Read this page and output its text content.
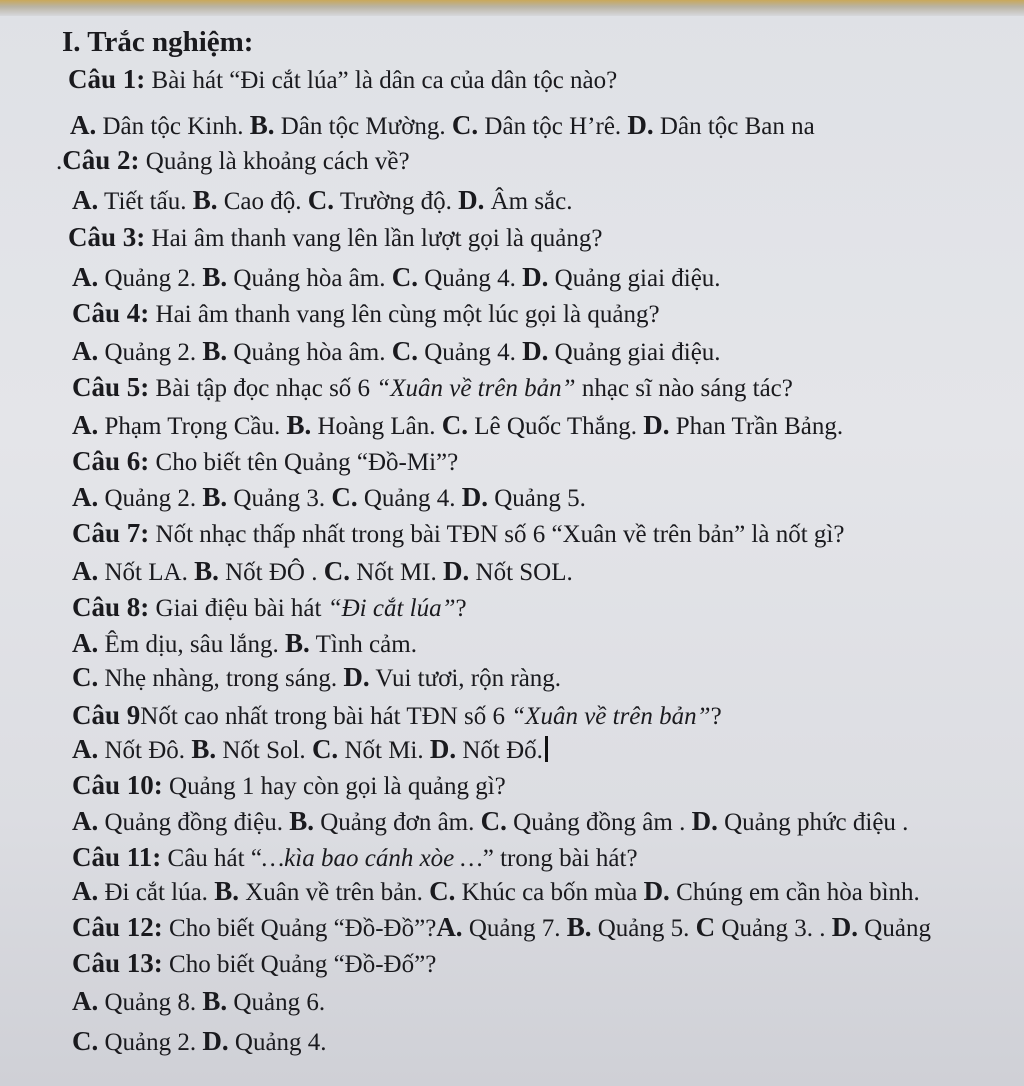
I. Trắc nghiệm:
Câu 1: Bài hát “Đi cắt lúa” là dân ca của dân tộc nào?
A. Dân tộc Kinh. B. Dân tộc Mường. C. Dân tộc H’rê. D. Dân tộc Ban na
.Câu 2: Quảng là khoảng cách về?
A. Tiết tấu. B. Cao độ. C. Trường độ. D. Âm sắc.
Câu 3: Hai âm thanh vang lên lần lượt gọi là quảng?
A. Quảng 2. B. Quảng hòa âm. C. Quảng 4. D. Quảng giai điệu.
Câu 4: Hai âm thanh vang lên cùng một lúc gọi là quảng?
A. Quảng 2. B. Quảng hòa âm. C. Quảng 4. D. Quảng giai điệu.
Câu 5: Bài tập đọc nhạc số 6 “Xuân về trên bản” nhạc sĩ nào sáng tác?
A. Phạm Trọng Cầu. B. Hoàng Lân. C. Lê Quốc Thắng. D. Phan Trần Bảng.
Câu 6: Cho biết tên Quảng “Đồ-Mi”?
A. Quảng 2. B. Quảng 3. C. Quảng 4. D. Quảng 5.
Câu 7: Nốt nhạc thấp nhất trong bài TĐN số 6 “Xuân về trên bản” là nốt gì?
A. Nốt LA. B. Nốt ĐÔ . C. Nốt MI. D. Nốt SOL.
Câu 8: Giai điệu bài hát “Đi cắt lúa”?
A. Êm dịu, sâu lắng. B. Tình cảm.
C. Nhẹ nhàng, trong sáng. D. Vui tươi, rộn ràng.
Câu 9Nốt cao nhất trong bài hát TĐN số 6 “Xuân về trên bản”?
A. Nốt Đô. B. Nốt Sol. C. Nốt Mi. D. Nốt Đố.
Câu 10: Quảng 1 hay còn gọi là quảng gì?
A. Quảng đồng điệu. B. Quảng đơn âm. C. Quảng đồng âm . D. Quảng phức điệu .
Câu 11: Câu hát “…kìa bao cánh xòe …” trong bài hát?
A. Đi cắt lúa. B. Xuân về trên bản. C. Khúc ca bốn mùa D. Chúng em cần hòa bình.
Câu 12: Cho biết Quảng “Đồ-Đồ”?A. Quảng 7. B. Quảng 5. C Quảng 3. . D. Quảng
Câu 13: Cho biết Quảng “Đồ-Đố”?
A. Quảng 8. B. Quảng 6.
C. Quảng 2. D. Quảng 4.
